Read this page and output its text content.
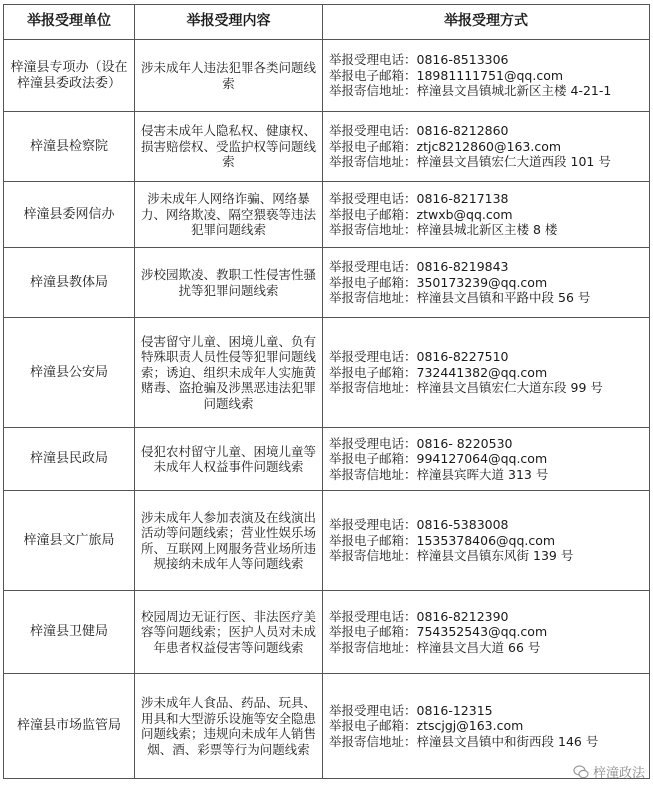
举报受理单位	举报受理内容	举报受理方式
梓潼县专项办（设在梓潼县委政法委）	涉未成年人违法犯罪各类问题线索	举报受理电话：0816-8513306
举报电子邮箱：18981111751@qq.com
举报寄信地址：梓潼县文昌镇城北新区主楼 4-21-1

梓潼县检察院	侵害未成年人隐私权、健康权、损害赔偿权、受监护权等问题线索	举报受理电话：0816-8212860
举报电子邮箱：ztjc8212860@163.com
举报寄信地址：梓潼县文昌镇宏仁大道西段 101 号

梓潼县委网信办	涉未成年人网络诈骗、网络暴力、网络欺凌、隔空猥亵等违法犯罪问题线索	举报受理电话：0816-8217138
举报电子邮箱：ztwxb@qq.com
举报寄信地址：梓潼县城北新区主楼 8 楼

梓潼县教体局	涉校园欺凌、教职工性侵害性骚扰等犯罪问题线索	举报受理电话：0816-8219843
举报电子邮箱：350173239@qq.com
举报寄信地址：梓潼县文昌镇和平路中段 56 号

梓潼县公安局	侵害留守儿童、困境儿童、负有特殊职责人员性侵等犯罪问题线索；诱迫、组织未成年人实施黄赌毒、盗抢骗及涉黑恶违法犯罪问题线索	举报受理电话：0816-8227510
举报电子邮箱：732441382@qq.com
举报寄信地址：梓潼县文昌镇宏仁大道东段 99 号

梓潼县民政局	侵犯农村留守儿童、困境儿童等未成年人权益事件问题线索	举报受理电话：0816- 8220530
举报电子邮箱：994127064@qq.com
举报寄信地址：梓潼县宾晖大道 313 号

梓潼县文广旅局	涉未成年人参加表演及在线演出活动等问题线索；营业性娱乐场所、互联网上网服务营业场所违规接纳未成年人等问题线索	举报受理电话：0816-5383008
举报电子邮箱：1535378406@qq.com
举报寄信地址：梓潼县文昌镇东风街 139 号

梓潼县卫健局	校园周边无证行医、非法医疗美容等问题线索；医护人员对未成年患者权益侵害等问题线索	举报受理电话：0816-8212390
举报电子邮箱：754352543@qq.com
举报寄信地址：梓潼县文昌大道 66 号

梓潼县市场监管局	涉未成年人食品、药品、玩具、用具和大型游乐设施等安全隐患问题线索；违规向未成年人销售烟、酒、彩票等行为问题线索	举报受理电话：0816-12315
举报电子邮箱：ztscjgj@163.com
举报寄信地址：梓潼县文昌镇中和街西段 146 号
梓潼政法
